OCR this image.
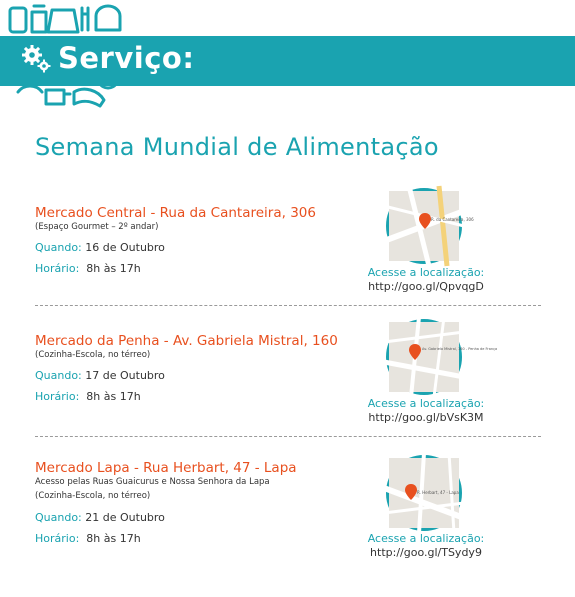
Serviço:
Semana Mundial de Alimentação
Mercado Central - Rua da Cantareira, 306
(Espaço Gourmet – 2º andar)
Quando: 16 de Outubro
Horário: 8h às 17h
R. da Cantareira, 306
Acesse a localização:
http://goo.gl/QpvqgD
Mercado da Penha - Av. Gabriela Mistral, 160
(Cozinha-Escola, no térreo)
Quando: 17 de Outubro
Horário: 8h às 17h
Av. Gabriela Mistral, 160 - Penha de França
Acesse a localização:
http://goo.gl/bVsK3M
Mercado Lapa - Rua Herbart, 47 - Lapa
Acesso pelas Ruas Guaicurus e Nossa Senhora da Lapa
(Cozinha-Escola, no térreo)
Quando: 21 de Outubro
Horário: 8h às 17h
R. Herbart, 47 - Lapa
Acesse a localização:
http://goo.gl/TSydy9
